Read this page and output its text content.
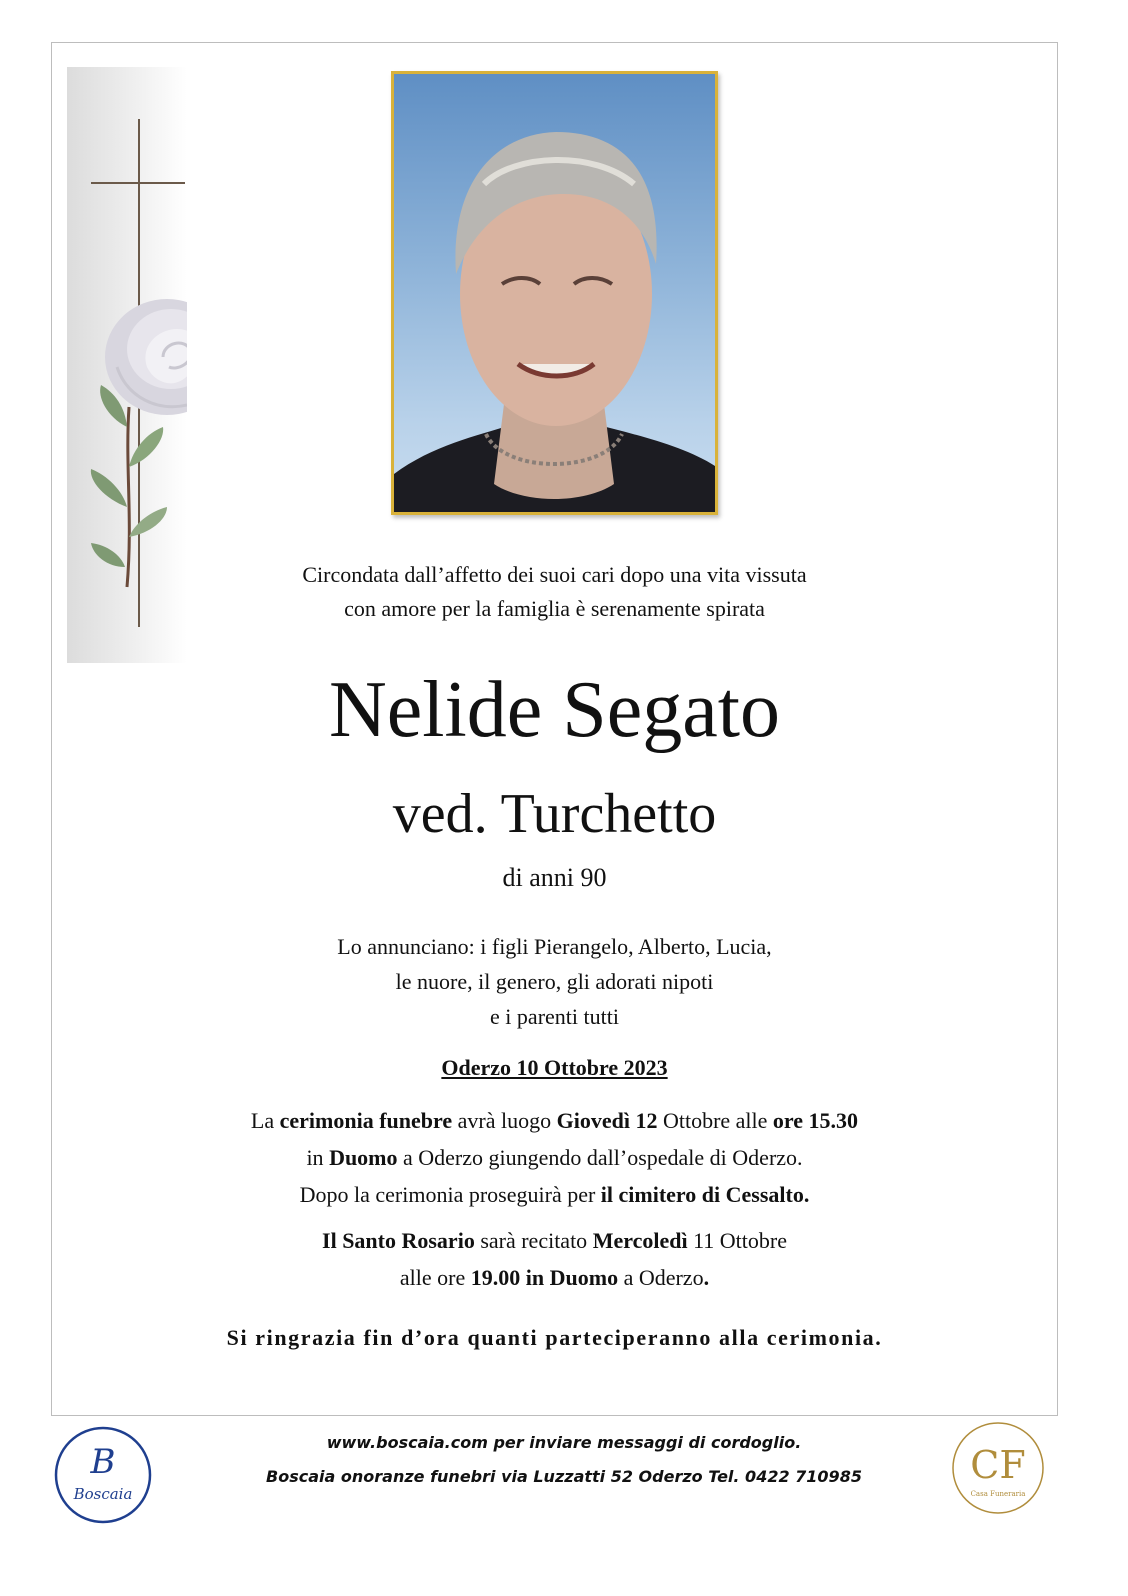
Circondata dall’affetto dei suoi cari dopo una vita vissuta
con amore per la famiglia è serenamente spirata
Nelide Segato
ved. Turchetto
di anni 90
Lo annunciano: i figli Pierangelo, Alberto, Lucia,
le nuore, il genero, gli adorati nipoti
e i parenti tutti
Oderzo 10 Ottobre 2023
La cerimonia funebre avrà luogo Giovedì 12 Ottobre alle ore 15.30
in Duomo a Oderzo giungendo dall’ospedale di Oderzo.
Dopo la cerimonia proseguirà per il cimitero di Cessalto.
Il Santo Rosario sarà recitato Mercoledì 11 Ottobre
alle ore 19.00 in Duomo a Oderzo.
Si ringrazia fin d’ora quanti parteciperanno alla cerimonia.
B
Boscaia
www.boscaia.com per inviare messaggi di cordoglio.
Boscaia onoranze funebri via Luzzatti 52 Oderzo Tel. 0422 710985	CF
Casa Funeraria
